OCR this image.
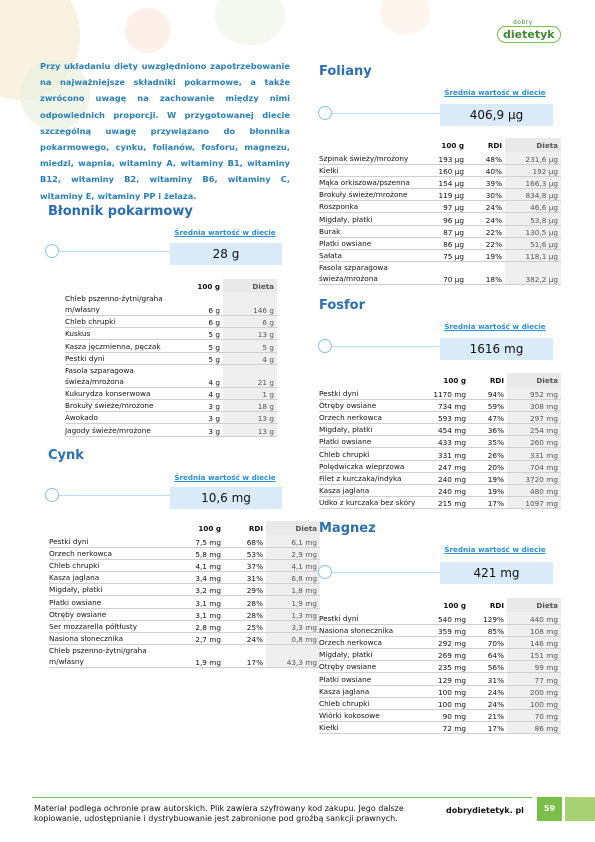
dobry
dietetyk

Przy układaniu diety uwzględniono zapotrzebowanie na najważniejsze składniki pokarmowe, a także zwrócono uwagę na zachowanie między nimi odpowiednich proporcji. W przygotowanej diecie szczególną uwagę przywiązano do błonnika pokarmowego, cynku, folianów, fosforu, magnezu, miedzi, wapnia, witaminy A, witaminy B1, witaminy B12, witaminy B2, witaminy B6, witaminy C, witaminy E, witaminy PP i żelaza.

Błonnik pokarmowy
Średnia wartość w diecie
28 g
	100 g	Dieta
Chleb pszenno-żytni/graha m/własny	6 g	146 g
Chleb chrupki	6 g	6 g
Kuskus	5 g	13 g
Kasza jęczmienna, pęczak	5 g	5 g
Pestki dyni	5 g	4 g
Fasola szparagowa świeża/mrożona	4 g	21 g
Kukurydza konserwowa	4 g	1 g
Brokuły świeże/mrożone	3 g	18 g
Awokado	3 g	13 g
Jagody świeże/mrożone	3 g	13 g
Cynk
Średnia wartość w diecie
10,6 mg
	100 g	RDI	Dieta
Pestki dyni	7,5 mg	68%	6,1 mg
Orzech nerkowca	5,8 mg	53%	2,9 mg
Chleb chrupki	4,1 mg	37%	4,1 mg
Kasza jaglana	3,4 mg	31%	6,8 mg
Migdały, płatki	3,2 mg	29%	1,8 mg
Płatki owsiane	3,1 mg	28%	1,9 mg
Otręby owsiane	3,1 mg	28%	1,3 mg
Ser mozzarella półtłusty	2,8 mg	25%	3,3 mg
Nasiona słonecznika	2,7 mg	24%	0,8 mg
Chleb pszenno-żytni/graha m/własny	1,9 mg	17%	43,3 mg
Foliany
Średnia wartość w diecie
406,9 µg
	100 g	RDI	Dieta
Szpinak świeży/mrożony	193 µg	48%	231,6 µg
Kiełki	160 µg	40%	192 µg
Mąka orkiszowa/pszenna	154 µg	39%	166,3 µg
Brokuły świeże/mrożone	119 µg	30%	834,8 µg
Roszponka	97 µg	24%	46,6 µg
Migdały, płatki	96 µg	24%	53,8 µg
Burak	87 µg	22%	130,5 µg
Płatki owsiane	86 µg	22%	51,6 µg
Sałata	75 µg	19%	118,1 µg
Fasola szparagowa świeża/mrożona	70 µg	18%	382,2 µg
Fosfor
Średnia wartość w diecie
1616 mg
	100 g	RDI	Dieta
Pestki dyni	1170 mg	94%	952 mg
Otręby owsiane	734 mg	59%	308 mg
Orzech nerkowca	593 mg	47%	297 mg
Migdały, płatki	454 mg	36%	254 mg
Płatki owsiane	433 mg	35%	260 mg
Chleb chrupki	331 mg	26%	331 mg
Polędwiczka wieprzowa	247 mg	20%	704 mg
Filet z kurczaka/indyka	240 mg	19%	3720 mg
Kasza jaglana	240 mg	19%	480 mg
Udko z kurczaka bez skóry	215 mg	17%	1097 mg
Magnez
Średnia wartość w diecie
421 mg
	100 g	RDI	Dieta
Pestki dyni	540 mg	129%	440 mg
Nasiona słonecznika	359 mg	85%	108 mg
Orzech nerkowca	292 mg	70%	146 mg
Migdały, płatki	269 mg	64%	151 mg
Otręby owsiane	235 mg	56%	99 mg
Płatki owsiane	129 mg	31%	77 mg
Kasza jaglana	100 mg	24%	200 mg
Chleb chrupki	100 mg	24%	100 mg
Wiórki kokosowe	90 mg	21%	70 mg
Kiełki	72 mg	17%	86 mg
Materiał podlega ochronie praw autorskich. Plik zawiera szyfrowany kod zakupu. Jego dalsze kopiowanie, udostępnianie i dystrybuowanie jest zabronione pod groźbą sankcji prawnych.
dobrydietetyk. pl	59
